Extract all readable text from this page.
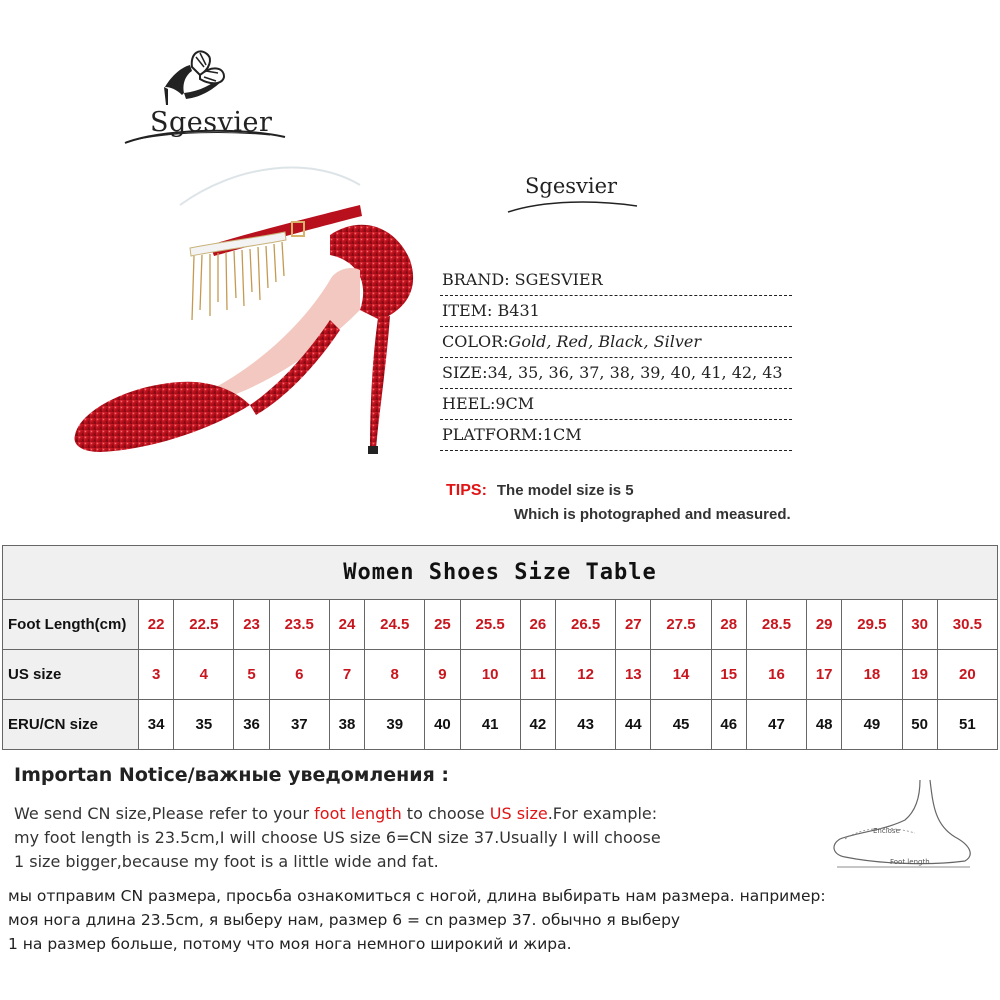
Sgesvier
Sgesvier
BRAND: SGESVIER
ITEM: B431
COLOR:Gold, Red, Black, Silver
SIZE:34, 35, 36, 37, 38, 39, 40, 41, 42, 43
HEEL:9CM
PLATFORM:1CM
TIPS: The model size is 5
Which is photographed and measured.
Women Shoes Size Table																		
Foot Length(cm)	22	22.5	23	23.5	24	24.5	25	25.5	26	26.5	27	27.5	28	28.5	29	29.5	30	30.5
US size	3	4	5	6	7	8	9	10	11	12	13	14	15	16	17	18	19	20
ERU/CN size	34	35	36	37	38	39	40	41	42	43	44	45	46	47	48	49	50	51
Importan Notice/важные уведомления :
We send CN size,Please refer to your foot length to choose US size.For example:
my foot length is 23.5cm,I will choose US size 6=CN size 37.Usually I will choose
1 size bigger,because my foot is a little wide and fat.
мы отправим CN размера, просьба ознакомиться с ногой, длина выбирать нам размера. например:
моя нога длина 23.5cm, я выберу нам, размер 6 = cn размер 37. обычно я выберу
1 на размер больше, потому что моя нога немного широкий и жира.
Enclose
Foot length
